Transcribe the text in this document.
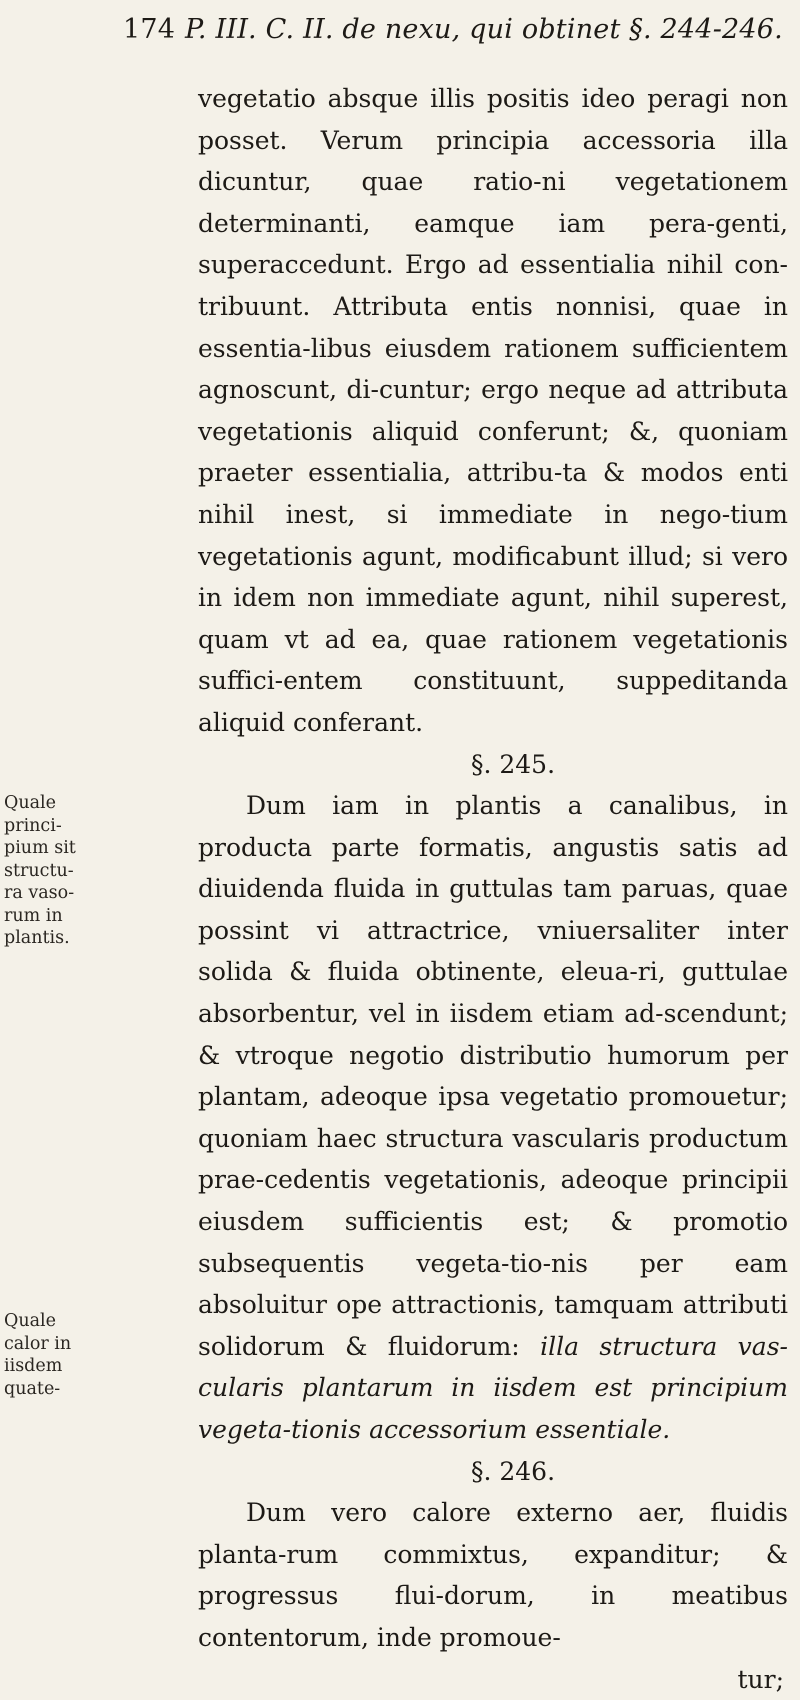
174 P. III. C. II. de nexu, qui obtinet §. 244-246.

vegetatio absque illis positis ideo peragi non posset. Verum principia accessoria illa dicuntur, quae ratio-ni vegetationem determinanti, eamque iam pera-genti, superaccedunt. Ergo ad essentialia nihil con-tribuunt. Attributa entis nonnisi, quae in essentia-libus eiusdem rationem sufficientem agnoscunt, di-cuntur; ergo neque ad attributa vegetationis aliquid conferunt; &, quoniam praeter essentialia, attribu-ta & modos enti nihil inest, si immediate in nego-tium vegetationis agunt, modificabunt illud; si vero in idem non immediate agunt, nihil superest, quam vt ad ea, quae rationem vegetationis suffici-entem constituunt, suppeditanda aliquid conferant.

§. 245.

Dum iam in plantis a canalibus, in producta parte formatis, angustis satis ad diuidenda fluida in guttulas tam paruas, quae possint vi attractrice, vniuersaliter inter solida & fluida obtinente, eleua-ri, guttulae absorbentur, vel in iisdem etiam ad-scendunt; & vtroque negotio distributio humorum per plantam, adeoque ipsa vegetatio promouetur; quoniam haec structura vascularis productum prae-cedentis vegetationis, adeoque principii eiusdem sufficientis est; & promotio subsequentis vegeta-tio-nis per eam absoluitur ope attractionis, tamquam attributi solidorum & fluidorum: illa structura vas-cularis plantarum in iisdem est principium vegeta-tionis accessorium essentiale.

§. 246.

Dum vero calore externo aer, fluidis planta-rum commixtus, expanditur; & progressus flui-dorum, in meatibus contentorum, inde promoue-

tur;

Quale
princi-
pium sit
structu-
ra vaso-
rum in
plantis.
Quale
calor in
iisdem
quate-
